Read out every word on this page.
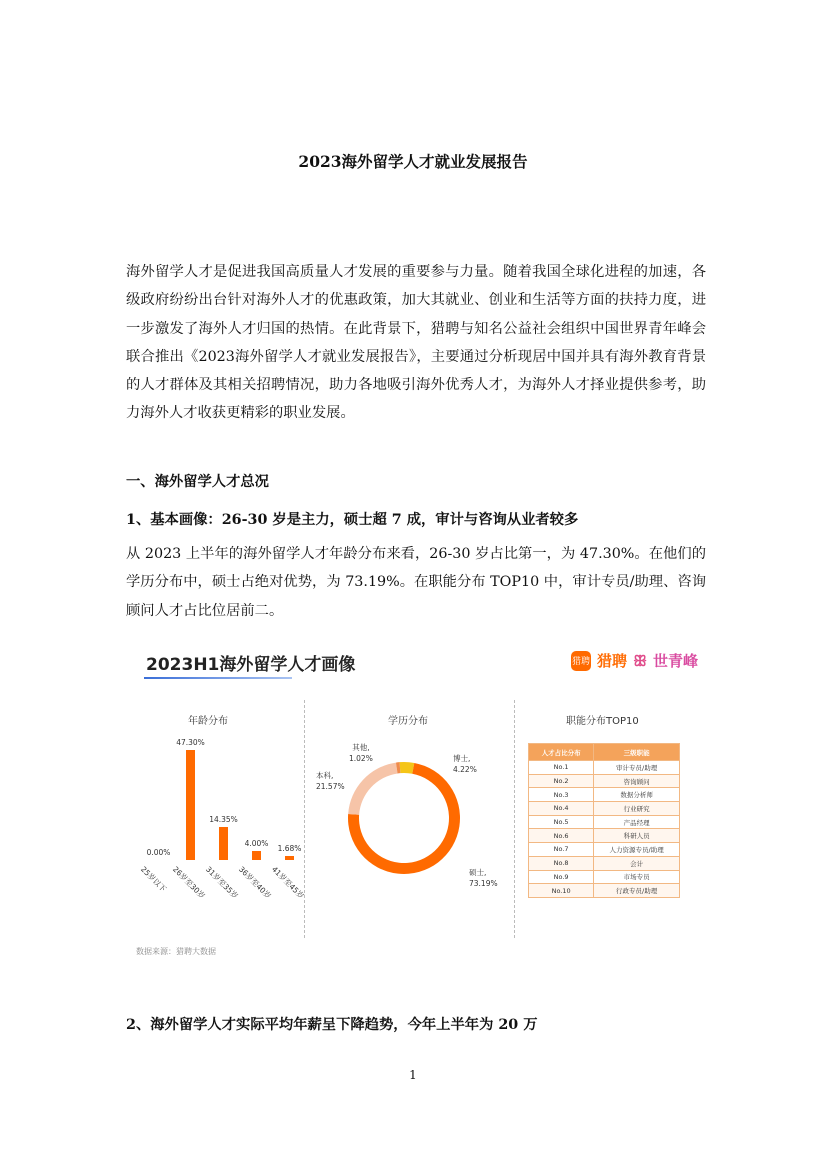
2023海外留学人才就业发展报告
海外留学人才是促进我国高质量人才发展的重要参与力量。随着我国全球化进程的加速，各级政府纷纷出台针对海外人才的优惠政策，加大其就业、创业和生活等方面的扶持力度，进一步激发了海外人才归国的热情。在此背景下，猎聘与知名公益社会组织中国世界青年峰会联合推出《2023海外留学人才就业发展报告》，主要通过分析现居中国并具有海外教育背景的人才群体及其相关招聘情况，助力各地吸引海外优秀人才，为海外人才择业提供参考，助力海外人才收获更精彩的职业发展。
一、海外留学人才总况
1、基本画像：26-30 岁是主力，硕士超 7 成，审计与咨询从业者较多
从 2023 上半年的海外留学人才年龄分布来看，26-30 岁占比第一，为 47.30%。在他们的学历分布中，硕士占绝对优势，为 73.19%。在职能分布 TOP10 中，审计专员/助理、咨询顾问人才占比位居前二。
2023H1海外留学人才画像	猎聘 猎聘 ꕥ 世青峰
年龄分布
0.00%
25岁以下
47.30%
26岁至30岁
14.35%
31岁至35岁
4.00%
36岁至40岁
1.68%
41岁至45岁
学历分布
其他,
1.02%
本科,
21.57%
博士,
4.22%
硕士,
73.19%
职能分布TOP10
人才占比分布	三级职能
No.1	审计专员/助理
No.2	咨询顾问
No.3	数据分析师
No.4	行业研究
No.5	产品经理
No.6	科研人员
No.7	人力资源专员/助理
No.8	会计
No.9	市场专员
No.10	行政专员/助理
数据来源：猎聘大数据
2、海外留学人才实际平均年薪呈下降趋势，今年上半年为 20 万
1
